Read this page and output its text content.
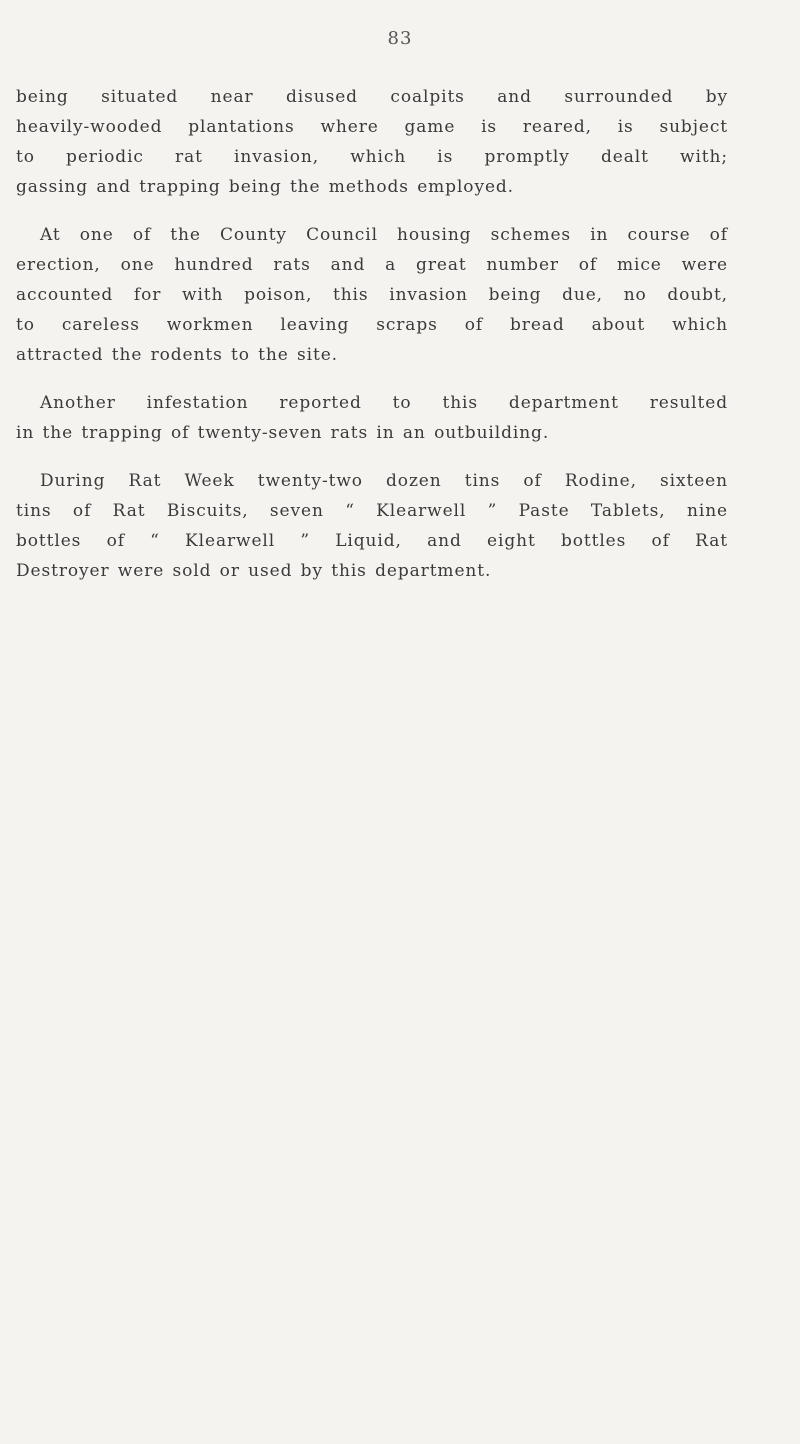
83

being situated near disused coalpits and surrounded by
heavily-wooded plantations where game is reared, is subject
to periodic rat invasion, which is promptly dealt with;
gassing and trapping being the methods employed.

At one of the County Council housing schemes in course of
erection, one hundred rats and a great number of mice were
accounted for with poison, this invasion being due, no doubt,
to careless workmen leaving scraps of bread about which
attracted the rodents to the site.

Another infestation reported to this department resulted
in the trapping of twenty-seven rats in an outbuilding.

During Rat Week twenty-two dozen tins of Rodine, sixteen
tins of Rat Biscuits, seven “ Klearwell ” Paste Tablets, nine
bottles of “ Klearwell ” Liquid, and eight bottles of Rat
Destroyer were sold or used by this department.
